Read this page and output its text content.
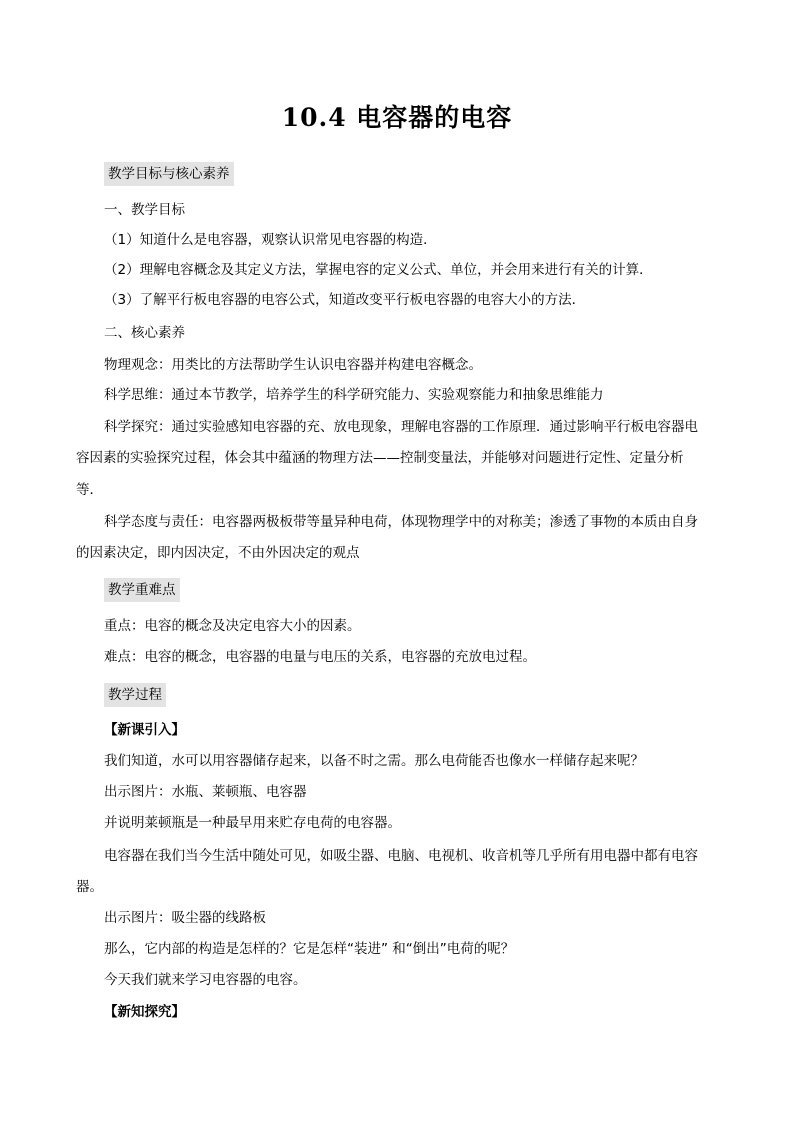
10.4 电容器的电容
教学目标与核心素养
一、教学目标
（1）知道什么是电容器，观察认识常见电容器的构造．
（2）理解电容概念及其定义方法，掌握电容的定义公式、单位，并会用来进行有关的计算．
（3）了解平行板电容器的电容公式，知道改变平行板电容器的电容大小的方法．
二、核心素养
物理观念：用类比的方法帮助学生认识电容器并构建电容概念。
科学思维：通过本节教学，培养学生的科学研究能力、实验观察能力和抽象思维能力
科学探究：通过实验感知电容器的充、放电现象，理解电容器的工作原理．通过影响平行板电容器电
容因素的实验探究过程，体会其中蕴涵的物理方法——控制变量法，并能够对问题进行定性、定量分析
等．
科学态度与责任：电容器两极板带等量异种电荷，体现物理学中的对称美；渗透了事物的本质由自身
的因素决定，即内因决定，不由外因决定的观点
教学重难点
重点：电容的概念及决定电容大小的因素。
难点：电容的概念，电容器的电量与电压的关系，电容器的充放电过程。
教学过程
【新课引入】
我们知道，水可以用容器储存起来，以备不时之需。那么电荷能否也像水一样储存起来呢？
出示图片：水瓶、莱顿瓶、电容器
并说明莱顿瓶是一种最早用来贮存电荷的电容器。
电容器在我们当今生活中随处可见，如吸尘器、电脑、电视机、收音机等几乎所有用电器中都有电容
器。
出示图片：吸尘器的线路板
那么，它内部的构造是怎样的？它是怎样“装进” 和“倒出”电荷的呢？
今天我们就来学习电容器的电容。
【新知探究】
